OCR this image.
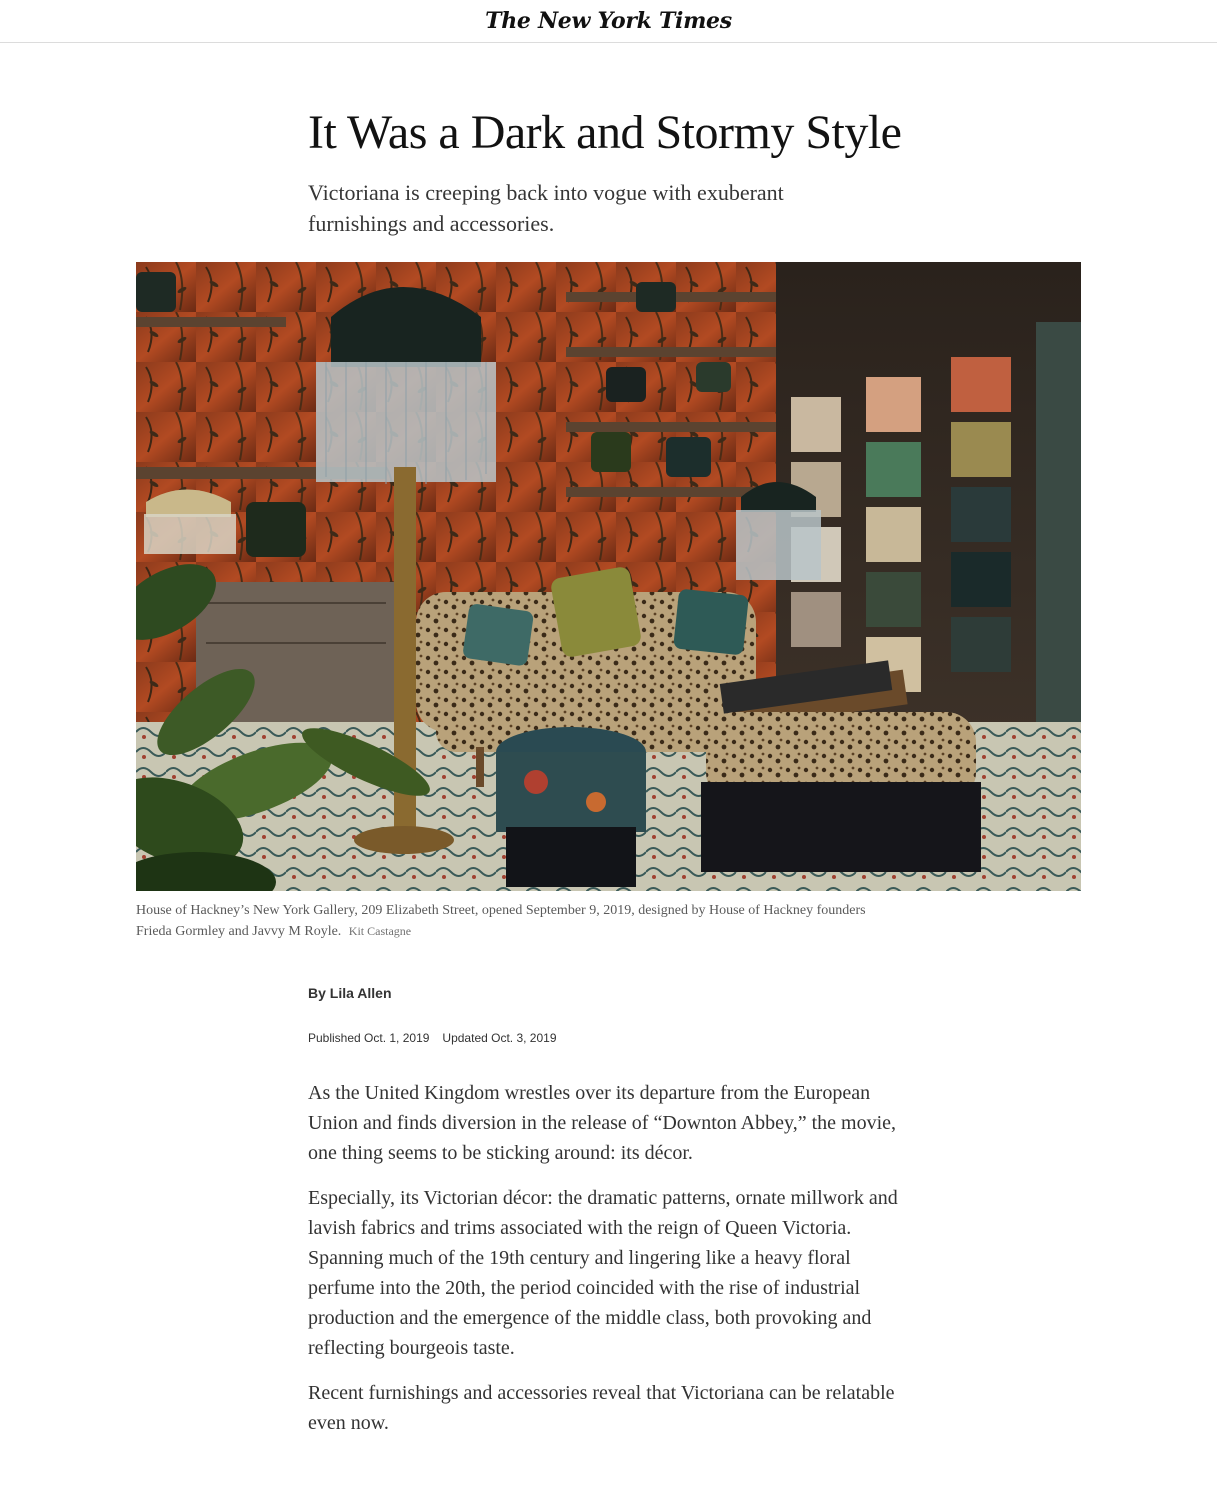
The New York Times
It Was a Dark and Stormy Style

Victoriana is creeping back into vogue with exuberant furnishings and accessories.

House of Hackney’s New York Gallery, 209 Elizabeth Street, opened September 9, 2019, designed by House of Hackney founders Frieda Gormley and Javvy M Royle. Kit Castagne

By Lila Allen

Published Oct. 1, 2019 Updated Oct. 3, 2019

As the United Kingdom wrestles over its departure from the European Union and finds diversion in the release of “Downton Abbey,” the movie, one thing seems to be sticking around: its décor.

Especially, its Victorian décor: the dramatic patterns, ornate millwork and lavish fabrics and trims associated with the reign of Queen Victoria. Spanning much of the 19th century and lingering like a heavy floral perfume into the 20th, the period coincided with the rise of industrial production and the emergence of the middle class, both provoking and reflecting bourgeois taste.

Recent furnishings and accessories reveal that Victoriana can be relatable even now.
